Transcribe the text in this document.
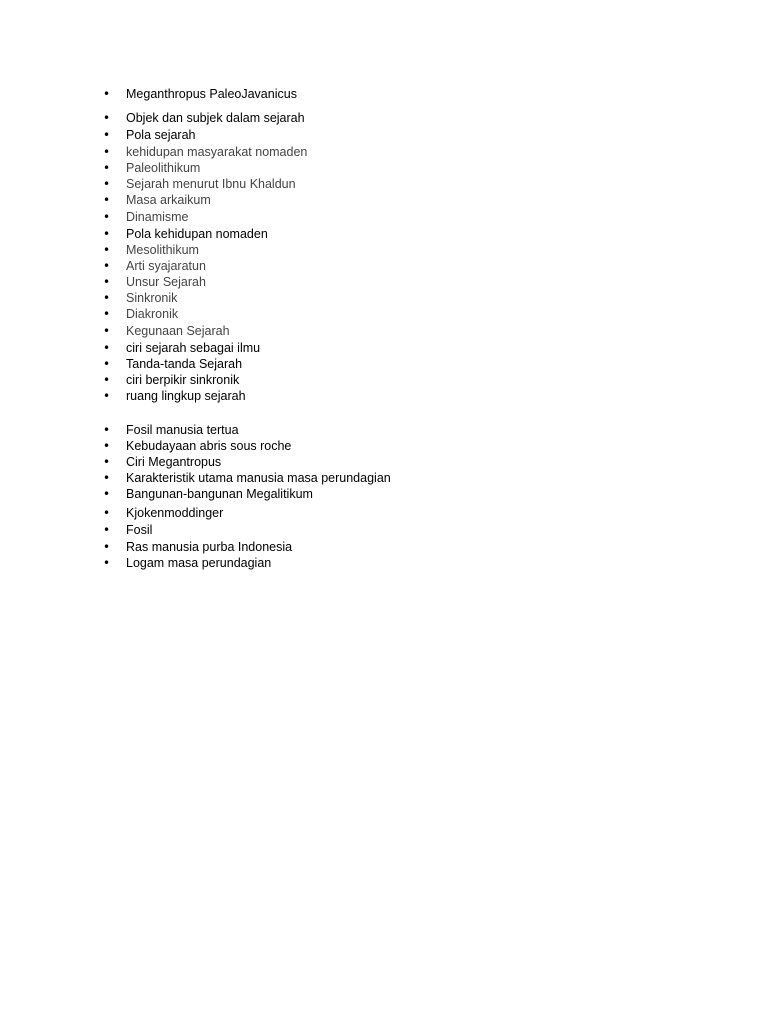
• Meganthropus PaleoJavanicus
• Objek dan subjek dalam sejarah
• Pola sejarah
• kehidupan masyarakat nomaden
• Paleolithikum
• Sejarah menurut Ibnu Khaldun
• Masa arkaikum
• Dinamisme
• Pola kehidupan nomaden
• Mesolithikum
• Arti syajaratun
• Unsur Sejarah
• Sinkronik
• Diakronik
• Kegunaan Sejarah
• ciri sejarah sebagai ilmu
• Tanda-tanda Sejarah
• ciri berpikir sinkronik
• ruang lingkup sejarah
• Fosil manusia tertua
• Kebudayaan abris sous roche
• Ciri Megantropus
• Karakteristik utama manusia masa perundagian
• Bangunan-bangunan Megalitikum
• Kjokenmoddinger
• Fosil
• Ras manusia purba Indonesia
• Logam masa perundagian
